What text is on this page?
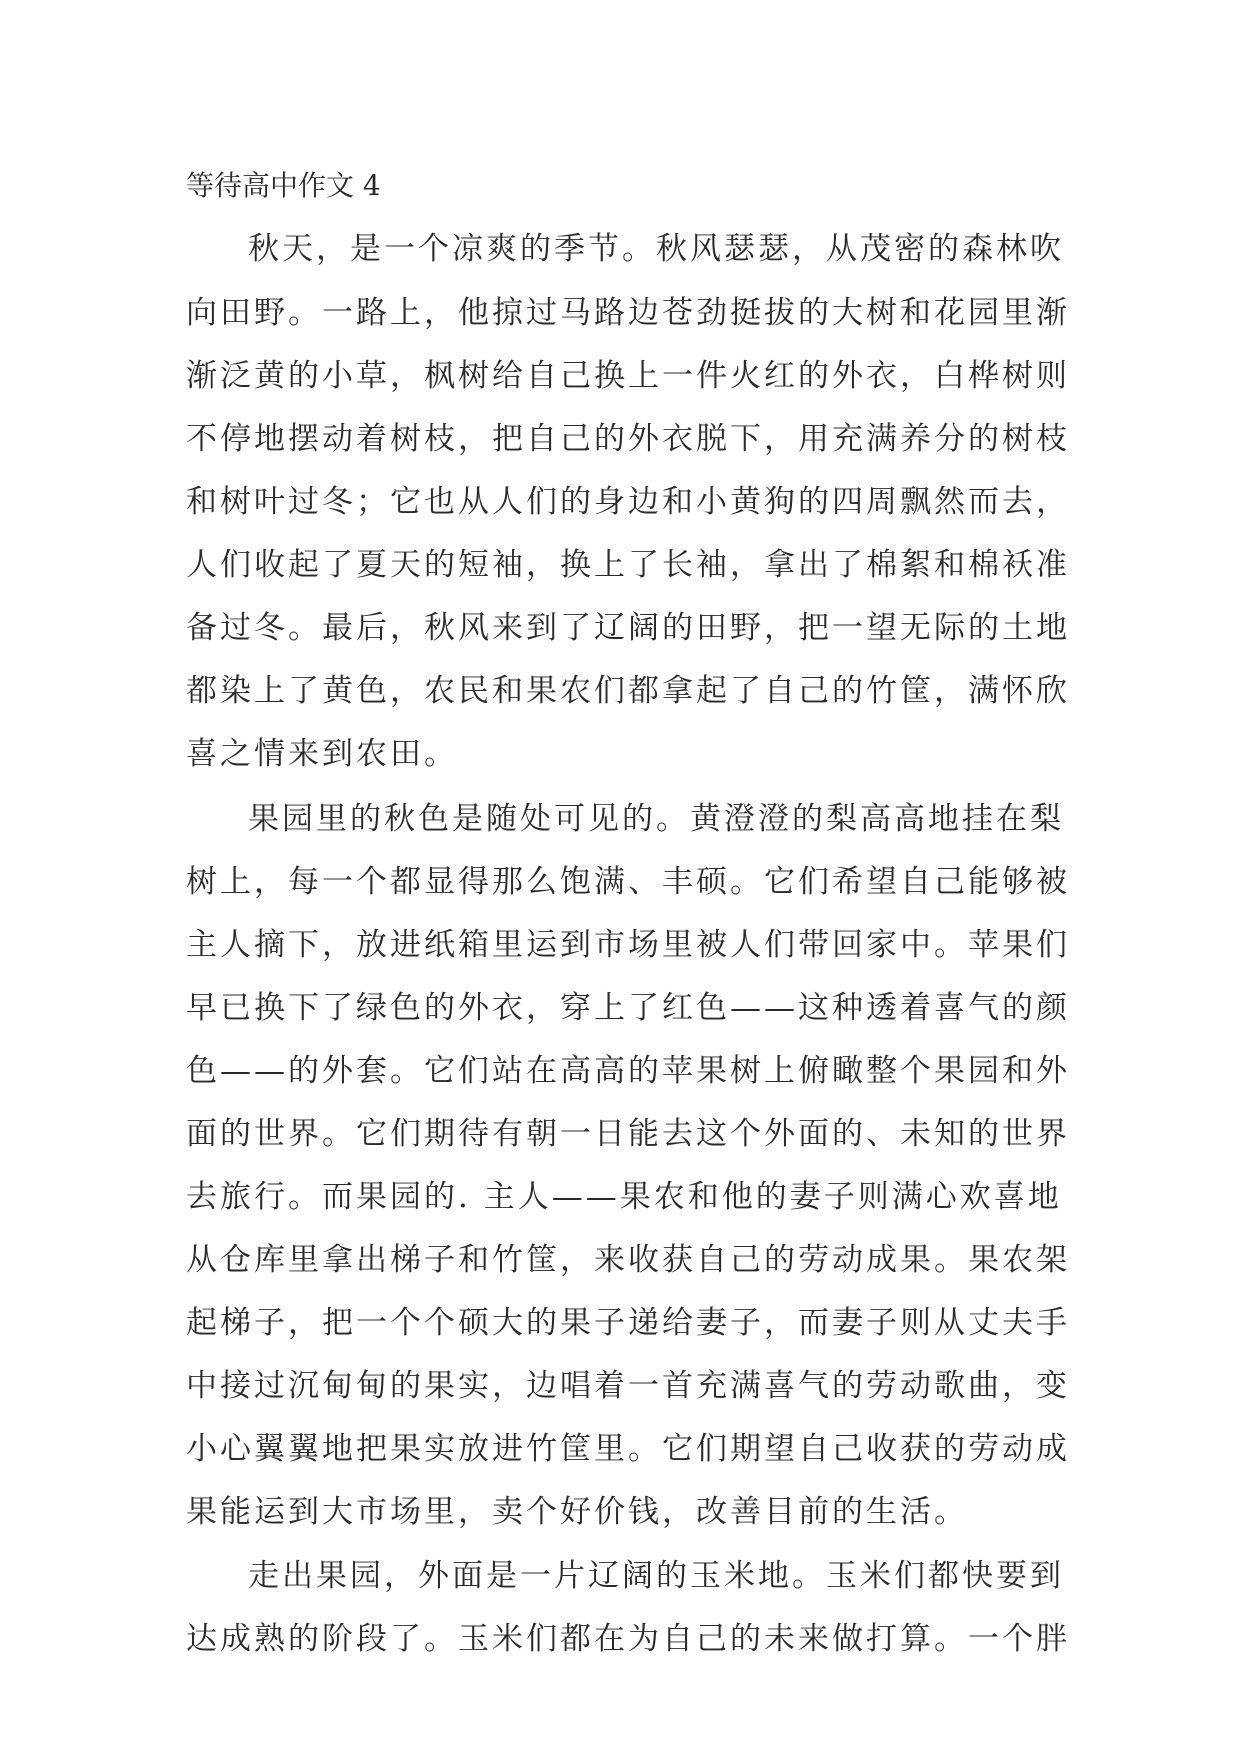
等待高中作文 4
秋天，是一个凉爽的季节。秋风瑟瑟，从茂密的森林吹
向田野。一路上，他掠过马路边苍劲挺拔的大树和花园里渐
渐泛黄的小草，枫树给自己换上一件火红的外衣，白桦树则
不停地摆动着树枝，把自己的外衣脱下，用充满养分的树枝
和树叶过冬；它也从人们的身边和小黄狗的四周飘然而去，
人们收起了夏天的短袖，换上了长袖，拿出了棉絮和棉袄准
备过冬。最后，秋风来到了辽阔的田野，把一望无际的土地
都染上了黄色，农民和果农们都拿起了自己的竹筐，满怀欣
喜之情来到农田。
果园里的秋色是随处可见的。黄澄澄的梨高高地挂在梨
树上，每一个都显得那么饱满、丰硕。它们希望自己能够被
主人摘下，放进纸箱里运到市场里被人们带回家中。苹果们
早已换下了绿色的外衣，穿上了红色——这种透着喜气的颜
色——的外套。它们站在高高的苹果树上俯瞰整个果园和外
面的世界。它们期待有朝一日能去这个外面的、未知的世界
去旅行。而果园的. 主人——果农和他的妻子则满心欢喜地
从仓库里拿出梯子和竹筐，来收获自己的劳动成果。果农架
起梯子，把一个个硕大的果子递给妻子，而妻子则从丈夫手
中接过沉甸甸的果实，边唱着一首充满喜气的劳动歌曲，变
小心翼翼地把果实放进竹筐里。它们期望自己收获的劳动成
果能运到大市场里，卖个好价钱，改善目前的生活。
走出果园，外面是一片辽阔的玉米地。玉米们都快要到
达成熟的阶段了。玉米们都在为自己的未来做打算。一个胖
